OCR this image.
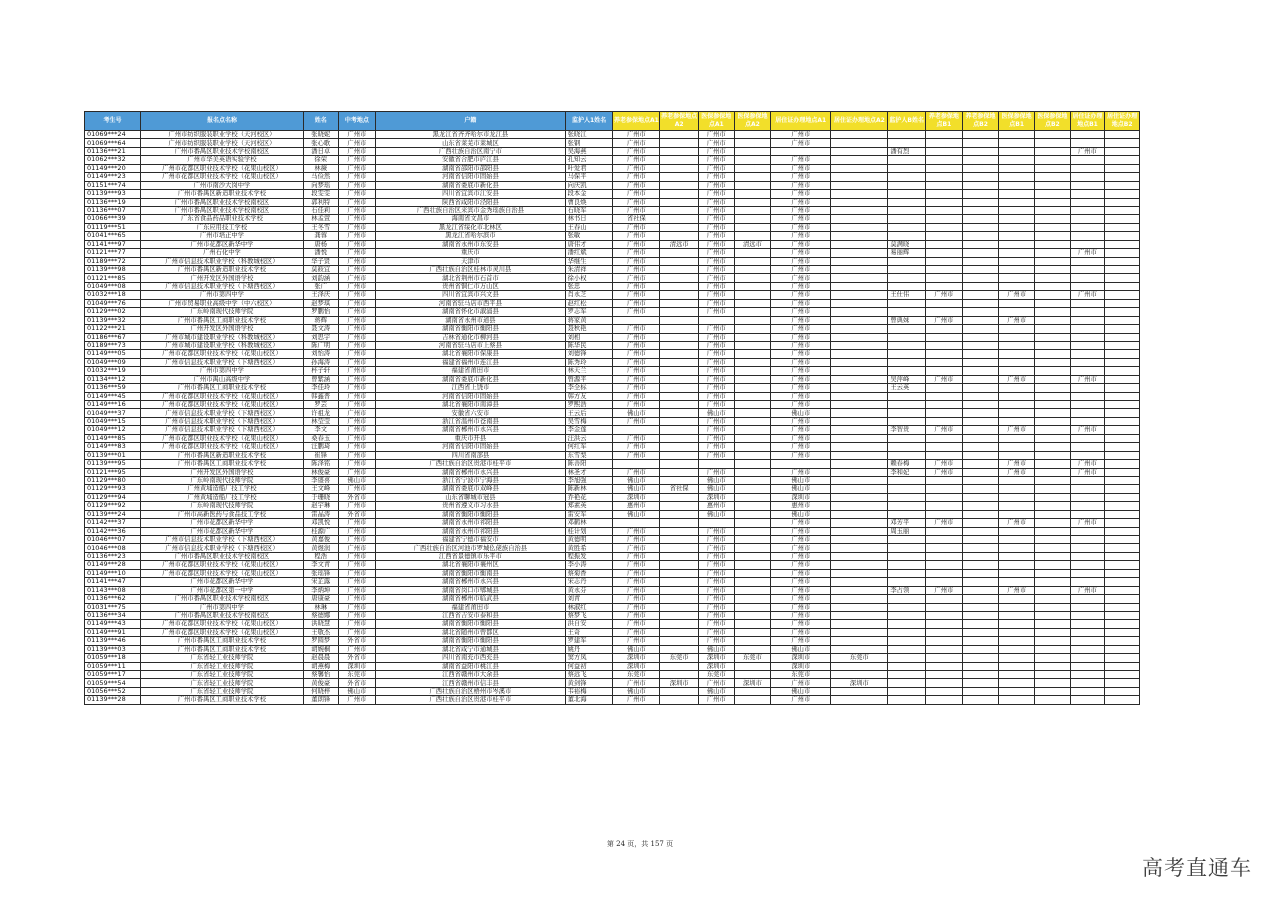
考生号	报名点名称	姓名	中考地点	户籍	监护人1姓名	养老参保地点A1	养老参保地点A2	医保参保地点A1	医保参保地点A2	居住证办理地点A1	居住证办理地点A2	监护人B姓名	养老参保地点B1	养老参保地点B2	医保参保地点B1	医保参保地点B2	居住证办理地点B1	居住证办理地点B2
01069***24	广州市纺织服装职业学校（天河校区）	张晓妮	广州市	黑龙江省齐齐哈尔市龙江县	张晓江	广州市		广州市		广州市								
01069***64	广州市纺织服装职业学校（天河校区）	张心歌	广州市	山东省莱芜市莱城区	张钢	广州市		广州市		广州市								
01136***21	广州市番禺区职业技术学校南校区	潘日卓	广州市	广西壮族自治区南宁市	吴海燕	广州市		广州市				潘有烈					广州市	
01062***32	广州市华美英语实验学校	徐荣	广州市	安徽省合肥市庐江县	孔知云	广州市		广州市		广州市								
01149***20	广州市花都区职业技术学校（花果山校区）	林薇	广州市	湖南省邵阳市邵阳县	叶爱君	广州市		广州市		广州市								
01149***23	广州市花都区职业技术学校（花果山校区）	马俭然	广州市	河南省信阳市固始县	马保平	广州市		广州市		广州市								
01151***74	广州市南沙大岗中学	向梦瑶	广州市	湖南省娄底市新化县	向庆凯	广州市		广州市		广州市								
01139***93	广州市番禺区新造职业技术学校	段雯雯	广州市	四川省宜宾市江安县	段本金	广州市		广州市		广州市								
01136***19	广州市番禺区职业技术学校南校区	郭利特	广州市	陕西省咸阳市泾阳县	曹良焕	广州市		广州市		广州市								
01136***07	广州市番禺区职业技术学校南校区	石佳莉	广州市	广西壮族自治区来宾市金秀瑶族自治县	石晓军	广州市		广州市		广州市								
01066***39	广东省食品药品职业技术学校	林孟萱	广州市	海南省文昌市	林书日	省社保		广州市		广州市								
01119***51	广东应用技工学校	王冬雪	广州市	黑龙江省绥化市北林区	王春山	广州市		广州市		广州市								
01041***65	广州市培正中学	龚蓉	广州市	黑龙江省哈尔滨市	张敏	广州市		广州市		广州市								
01141***97	广州市花都区新华中学	唐杨	广州市	湖南省永州市东安县	唐伟才	广州市	清远市	广州市	清远市	广州市		莫满晓						
01121***77	广州石化中学	潘悦	广州市	重庆市	潘红斌	广州市		广州市		广州市		易丽辉					广州市	
01189***72	广州市信息技术职业学校（科教城校区）	华子贤	广州市	天津市	华继生	广州市		广州市		广州市								
01139***98	广州市番禺区新造职业技术学校	莫筱宜	广州市	广西壮族自治区桂林市灵川县	朱清祥	广州市		广州市		广州市								
01121***85	广州开发区外国语学校	刘韵涵	广州市	湖北省荆州市石首市	徐小权	广州市		广州市		广州市								
01049***08	广州市信息技术职业学校（下塘西校区）	张广	广州市	贵州省铜仁市万山区	张忠	广州市		广州市		广州市								
01032***18	广州市第四中学	王泽庆	广州市	四川省宜宾市兴文县	肖永芝	广州市		广州市		广州市		王仕伟	广州市		广州市		广州市	
01049***76	广州市贸易职业高级中学（中六校区）	赵梦琪	广州市	河南省驻马店市西平县	赵红松	广州市		广州市		广州市								
01129***02	广东岭南现代技师学院	罗鹏怡	广州市	湖南省怀化市溆浦县	罗志军	广州市		广州市		广州市								
01139***32	广州市番禺区工商职业技术学校	蒋辉	广州市	湖南省永州市道县	蒋家黄					广州市		曾典妹	广州市		广州市			
01122***21	广州开发区外国语学校	聂文涛	广州市	湖南省衡阳市衡阳县	聂秋艳	广州市		广州市		广州市								
01186***67	广州市城市建设职业学校（科教城校区）	刘思宇	广州市	吉林省通化市柳河县	刘相	广州市		广州市		广州市								
01189***73	广州市城市建设职业学校（科教城校区）	陈广明	广州市	河南省驻马店市上蔡县	陈华民	广州市		广州市		广州市								
01149***05	广州市花都区职业技术学校（花果山校区）	刘怡涛	广州市	湖北省襄阳市保康县	刘德锋	广州市		广州市		广州市								
01049***09	广州市信息技术职业学校（下塘西校区）	孙海涛	广州市	福建省福州市连江县	陈秀玲	广州市		广州市		广州市								
01032***19	广州市第四中学	杯子轩	广州市	福建省莆田市	林天兰	广州市		广州市		广州市								
01134***12	广州市禺山高级中学	曾紫涵	广州市	湖南省娄底市新化县	曾源平	广州市		广州市		广州市		吴萍峰	广州市		广州市		广州市	
01136***59	广州市番禺区工商职业技术学校	李佳玲	广州市	江西省上饶市	李全标	广州市		广州市		广州市		王云英						
01149***45	广州市花都区职业技术学校（花果山校区）	韩鑫普	广州市	河南省信阳市固始县	韩方友	广州市		广州市		广州市								
01149***16	广州市花都区职业技术学校（花果山校区）	罗芸	广州市	湖北省襄阳市南漳县	罗熙浩	广州市		广州市		广州市								
01049***37	广州市信息技术职业学校（下塘西校区）	许祖龙	广州市	安徽省六安市	王云后	佛山市		佛山市		佛山市								
01049***15	广州市信息技术职业学校（下塘西校区）	林莹莹	广州市	浙江省温州市苍南县	吴雪梅	广州市		广州市		广州市								
01049***12	广州市信息技术职业学校（下塘西校区）	李文	广州市	湖南省郴州市永兴县	李金莲			广州市		广州市		李智贵	广州市		广州市		广州市	
01149***85	广州市花都区职业技术学校（花果山校区）	桑春玉	广州市	重庆市开县	汪洪云	广州市		广州市		广州市								
01149***83	广州市花都区职业技术学校（花果山校区）	汪鹏琦	广州市	河南省信阳市固始县	何红军	广州市		广州市		广州市								
01139***01	广州市番禺区新造职业技术学校	崔锋	广州市	四川省南部县	东雪梨	广州市		广州市		广州市								
01139***95	广州市番禺区工商职业技术学校	陈泽铭	广州市	广西壮族自治区贵港市桂平市	陈善阳							赖春梅	广州市		广州市		广州市	
01121***95	广州开发区外国语学校	林俊豪	广州市	湖南省郴州市永兴县	林圣才	广州市		广州市		广州市		李和妃	广州市		广州市		广州市	
01129***80	广东岭南现代技师学院	李盛喜	佛山市	浙江省宁波市宁海县	李旭强	佛山市		佛山市		佛山市								
01129***93	广州黄埔造船厂技工学校	王文峰	广州市	湖南省娄底市双峰县	陈新林	佛山市	省社保	佛山市		佛山市								
01129***94	广州黄埔造船厂技工学校	于珊晓	外省市	山东省聊城市冠县	乔艳花	深圳市		深圳市		深圳市								
01129***92	广东岭南现代技师学院	赵宇琳	广州市	贵州省遵义市习水县	郑素英	惠州市		惠州市		惠州市								
01139***24	广州市高新医药与食品技工学校	雷晶涛	外省市	湖南省衡阳市衡阳县	雷安军	佛山市		佛山市		佛山市								
01142***37	广州市花都区新华中学	邓凯悦	广州市	湖南省永州市祁阳县	邓鹤林					广州市		邓芳平	广州市		广州市		广州市	
01142***36	广州市花都区新华中学	桂源广	广州市	湖南省永州市祁阳县	桂计划	广州市		广州市		广州市		周玉丽						
01046***07	广州市信息技术职业学校（下塘西校区）	黄嘉俊	广州市	福建省宁德市福安市	黄德明	广州市		广州市		广州市								
01046***08	广州市信息技术职业学校（下塘西校区）	黄煜润	广州市	广西壮族自治区河池市罗城仫佬族自治县	黄胜希	广州市		广州市		广州市								
01136***23	广州市番禺区职业技术学校南校区	程浩	广州市	江西省景德镇市乐平市	程振发	广州市		广州市		广州市								
01149***28	广州市花都区职业技术学校（花果山校区）	李文青	广州市	湖北省襄阳市襄州区	李小涛	广州市		广州市		广州市								
01149***10	广州市花都区职业技术学校（花果山校区）	张瑶锋	广州市	湖南省衡阳市衡南县	蔡菊香	广州市		广州市		广州市								
01141***47	广州市花都区新华中学	宋芷露	广州市	湖南省郴州市永兴县	宋志丹	广州市		广州市		广州市								
01143***08	广州市花都区第一中学	李炳坤	广州市	湖南省岗口市郫城县	黄永芬	广州市		广州市		广州市		李占领	广州市		广州市		广州市	
01136***62	广州市番禺区职业技术学校南校区	唐康豪	广州市	湖南省郴州市临武县	刘青	广州市		广州市		广州市								
01031***75	广州市第四中学	林琳	广州市	福建省莆田市	林淑红	广州市		广州市		广州市								
01136***34	广州市番禺区职业技术学校南校区	蔡德娜	广州市	江西省吉安市泰和县	蔡梦飞	广州市		广州市		广州市								
01149***43	广州市花都区职业技术学校（花果山校区）	洪晓慧	广州市	湖南省衡阳市衡阳县	洪自安	广州市		广州市		广州市								
01149***91	广州市花都区职业技术学校（花果山校区）	王敬杰	广州市	湖北省随州市曾都区	王奇	广州市		广州市		广州市								
01139***46	广州市番禺区工商职业技术学校	罗圆梦	外省市	湖南省衡阳市衡阳县	罗建军	广州市		广州市		广州市								
01139***03	广州市番禺区工商职业技术学校	胡婉桐	广州市	湖北省咸宁市通城县	姚丹	佛山市		佛山市		佛山市								
01059***18	广东省轻工业技师学院	赵晨晨	外省市	四川省南充市西充县	窦方凤	深圳市	东莞市	深圳市	东莞市	深圳市	东莞市							
01059***11	广东省轻工业技师学院	胡燕梅	深圳市	湖南省益阳市桃江县	何益初	深圳市		深圳市		深圳市								
01059***17	广东省轻工业技师学院	蔡馨怡	东莞市	江西省赣州市大余县	蔡远飞	东莞市		东莞市		东莞市								
01059***54	广东省轻工业技师学院	黄俊豪	外省市	江西省赣州市信丰县	黄剑锋	广州市	深圳市	广州市	深圳市	广州市	深圳市							
01056***52	广东省轻工业技师学院	何晓梓	佛山市	广西壮族自治区梧州市岑溪市	韦裕梅	佛山市		佛山市		佛山市								
01139***28	广州市番禺区工商职业技术学校	董朗锋	广州市	广西壮族自治区贵港市桂平市	董北海	广州市		广州市		广州市								
第 24 页，共 157 页
高考直通车
